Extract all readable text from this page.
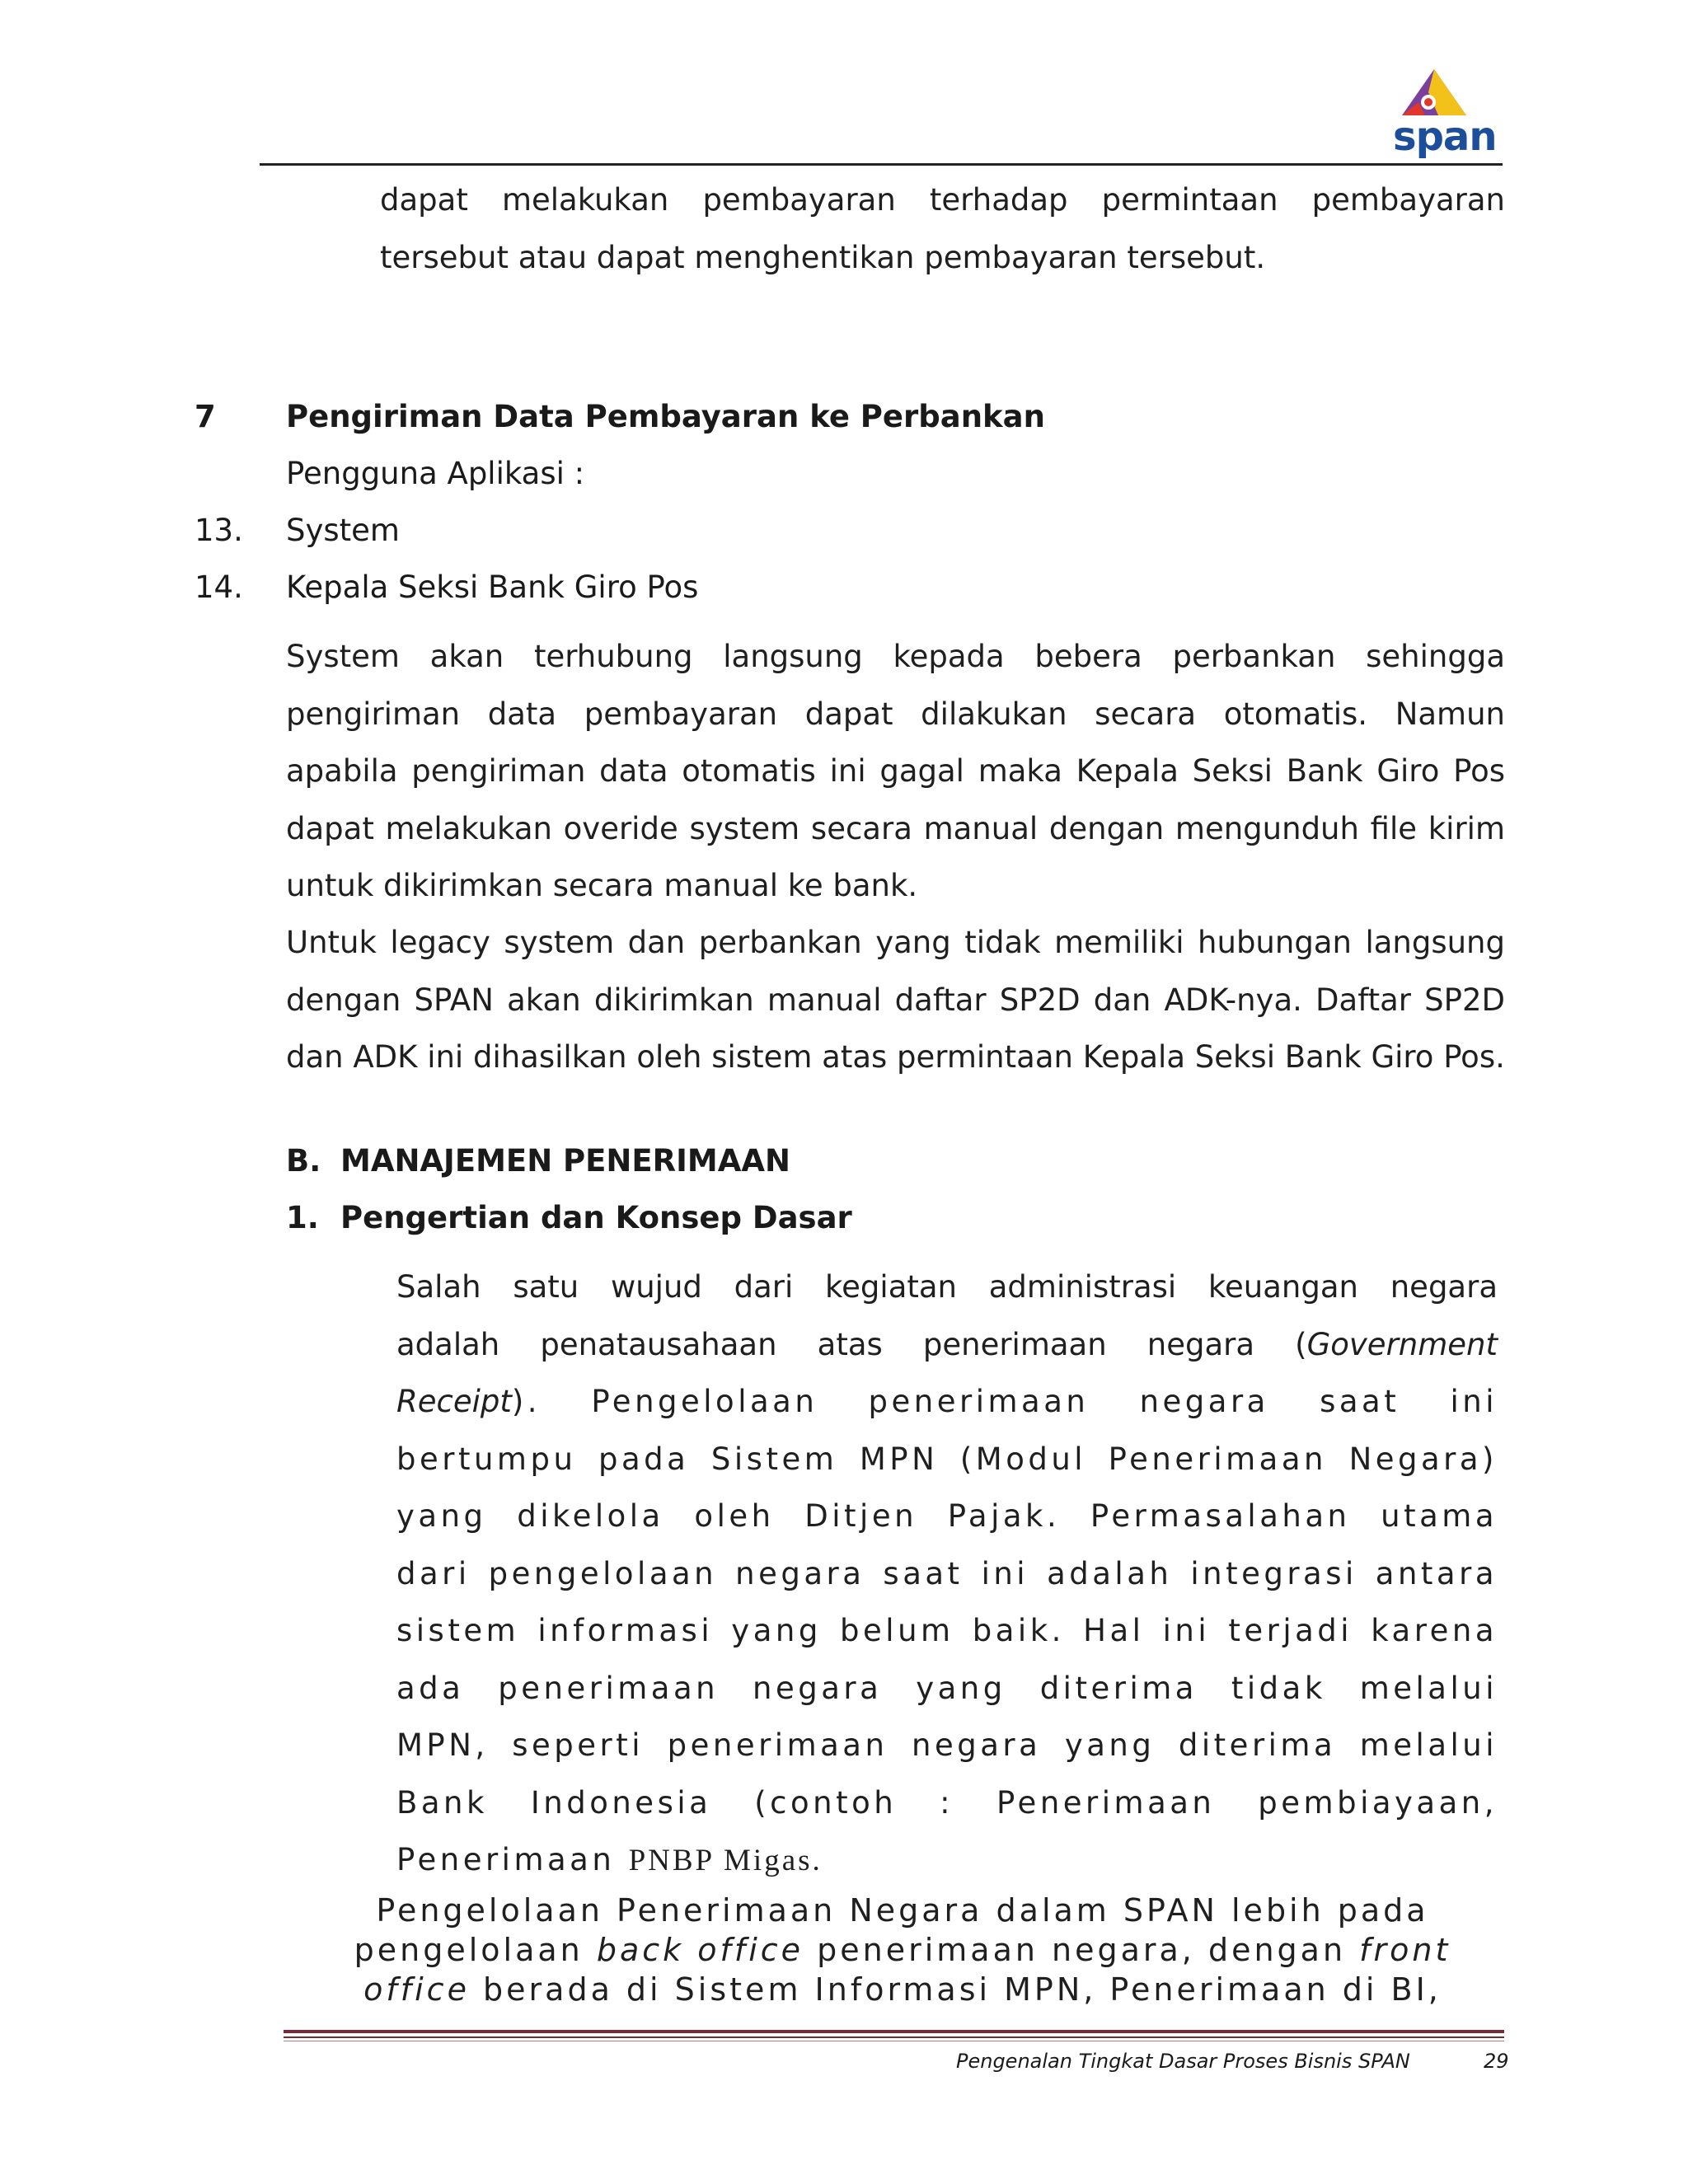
span
dapat melakukan pembayaran terhadap permintaan pembayaran
tersebut atau dapat menghentikan pembayaran tersebut.
7 Pengiriman Data Pembayaran ke Perbankan
Pengguna Aplikasi :
13. System
14. Kepala Seksi Bank Giro Pos
System akan terhubung langsung kepada bebera perbankan sehingga
pengiriman data pembayaran dapat dilakukan secara otomatis. Namun
apabila pengiriman data otomatis ini gagal maka Kepala Seksi Bank Giro Pos
dapat melakukan overide system secara manual dengan mengunduh file kirim
untuk dikirimkan secara manual ke bank.
Untuk legacy system dan perbankan yang tidak memiliki hubungan langsung
dengan SPAN akan dikirimkan manual daftar SP2D dan ADK-nya. Daftar SP2D
dan ADK ini dihasilkan oleh sistem atas permintaan Kepala Seksi Bank Giro Pos.
B. MANAJEMEN PENERIMAAN
1. Pengertian dan Konsep Dasar
Salah satu wujud dari kegiatan administrasi keuangan negara
adalah penatausahaan atas penerimaan negara (Government
Receipt). Pengelolaan penerimaan negara saat ini
bertumpu pada Sistem MPN (Modul Penerimaan Negara)
yang dikelola oleh Ditjen Pajak. Permasalahan utama
dari pengelolaan negara saat ini adalah integrasi antara
sistem informasi yang belum baik. Hal ini terjadi karena
ada penerimaan negara yang diterima tidak melalui
MPN, seperti penerimaan negara yang diterima melalui
Bank Indonesia (contoh : Penerimaan pembiayaan,
Penerimaan PNBP Migas.
Pengelolaan Penerimaan Negara dalam SPAN lebih pada
pengelolaan back office penerimaan negara, dengan front
office berada di Sistem Informasi MPN, Penerimaan di BI,
Pengenalan Tingkat Dasar Proses Bisnis SPAN	29
